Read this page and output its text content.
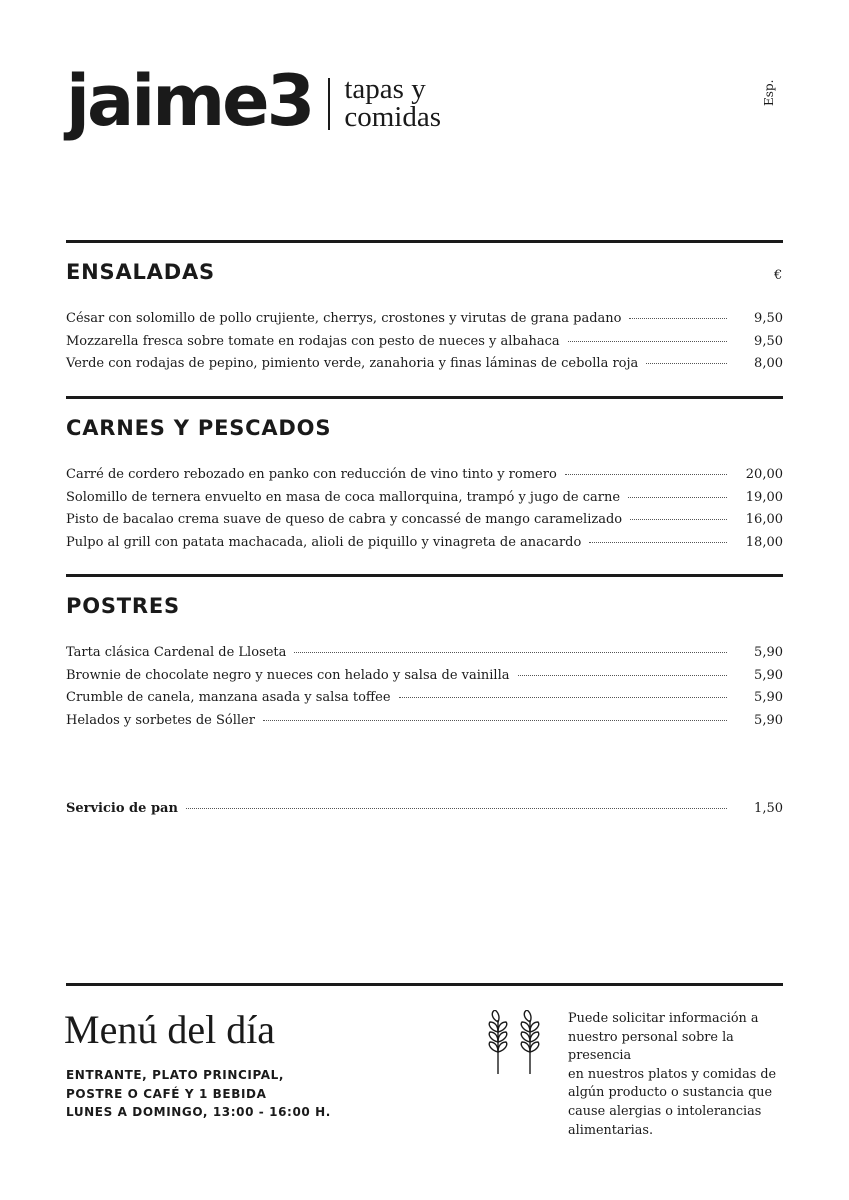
jaime3 tapas y
comidas
Esp.
ENSALADAS	€
César con solomillo de pollo crujiente, cherrys, crostones y virutas de grana padano	9,50
Mozzarella fresca sobre tomate en rodajas con pesto de nueces y albahaca	9,50
Verde con rodajas de pepino, pimiento verde, zanahoria y finas láminas de cebolla roja	8,00
CARNES Y PESCADOS
Carré de cordero rebozado en panko con reducción de vino tinto y romero	20,00
Solomillo de ternera envuelto en masa de coca mallorquina, trampó y jugo de carne	19,00
Pisto de bacalao crema suave de queso de cabra y concassé de mango caramelizado	16,00
Pulpo al grill con patata machacada, alioli de piquillo y vinagreta de anacardo	18,00
POSTRES
Tarta clásica Cardenal de Lloseta	5,90
Brownie de chocolate negro y nueces con helado y salsa de vainilla	5,90
Crumble de canela, manzana asada y salsa toffee	5,90
Helados y sorbetes de Sóller	5,90
Servicio de pan	1,50
Menú del día
ENTRANTE, PLATO PRINCIPAL,
POSTRE O CAFÉ Y 1 BEBIDA
LUNES A DOMINGO, 13:00 - 16:00 H.
Puede solicitar información a
nuestro personal sobre la presencia
en nuestros platos y comidas de
algún producto o sustancia que
cause alergias o intolerancias
alimentarias.
